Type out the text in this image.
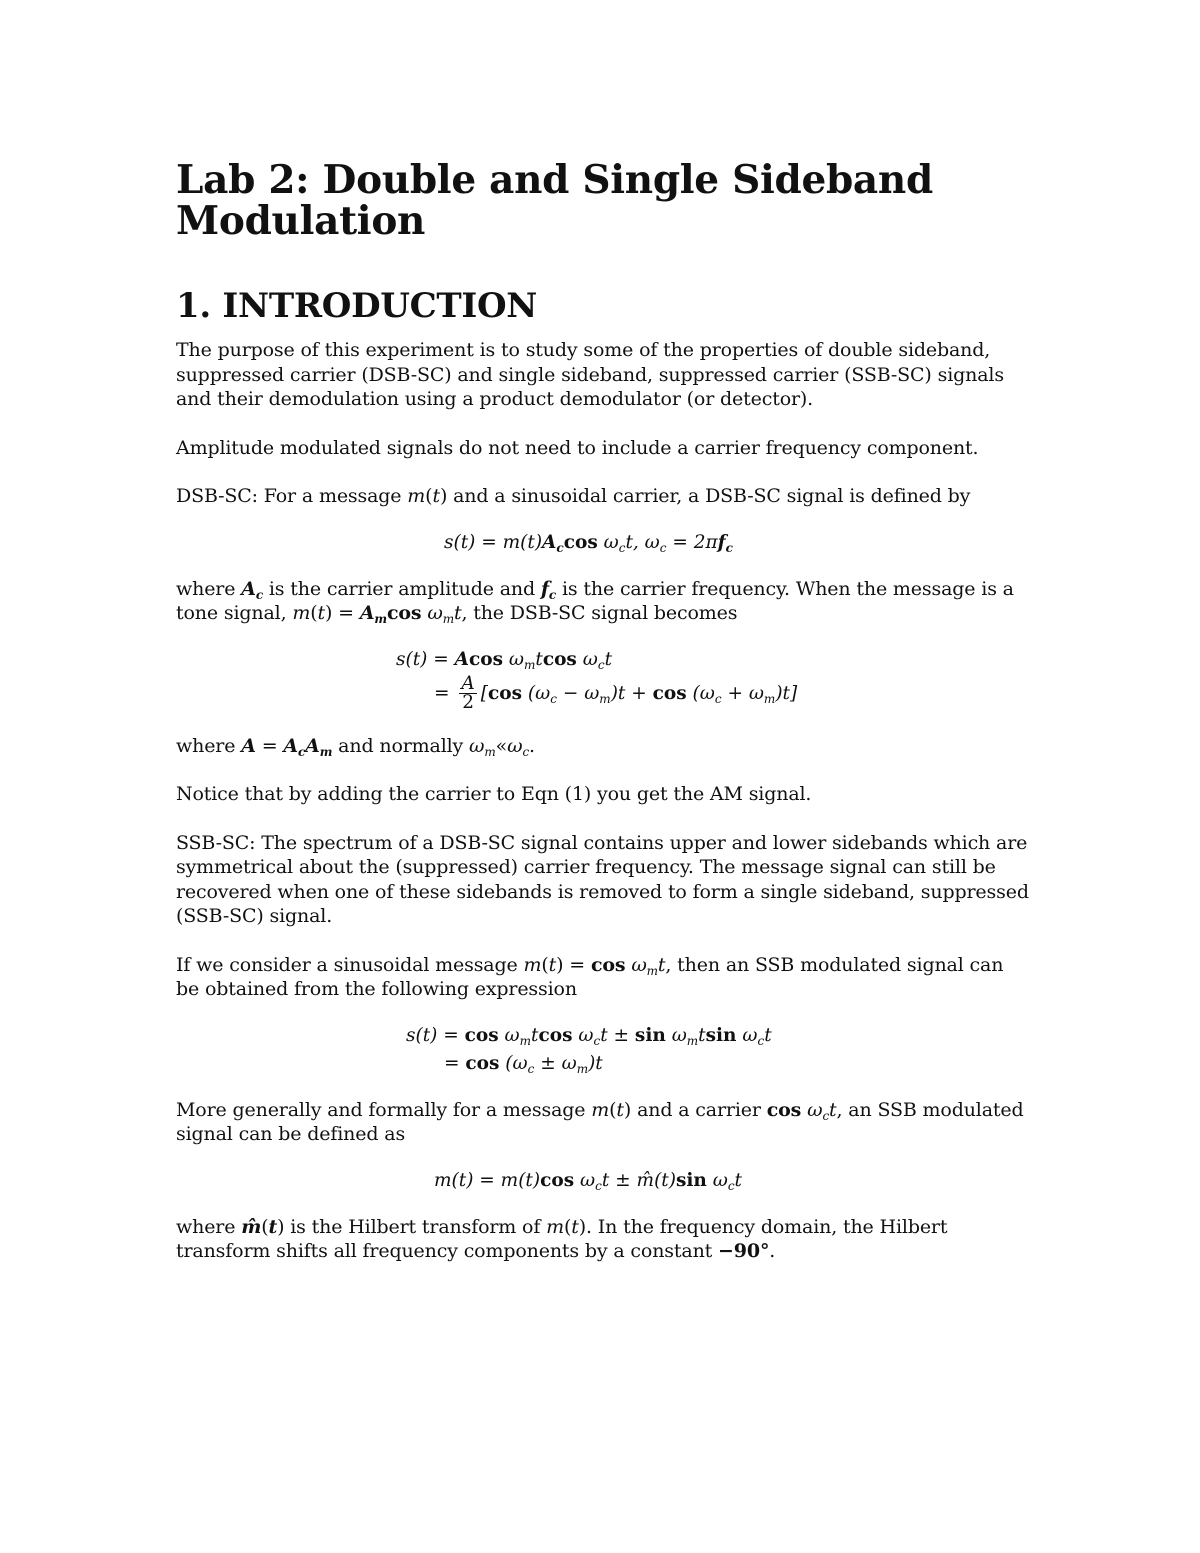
Lab 2: Double and Single Sideband Modulation
1. INTRODUCTION

The purpose of this experiment is to study some of the properties of double sideband,

suppressed carrier (DSB-SC) and single sideband, suppressed carrier (SSB-SC) signals

and their demodulation using a product demodulator (or detector).

Amplitude modulated signals do not need to include a carrier frequency component.

DSB-SC: For a message m(t) and a sinusoidal carrier, a DSB-SC signal is defined by

$s(t) = m(t)A_c\cos$ $\omega_ct$, $\omega_c = 2\pi f_c$

where $A_c$ is the carrier amplitude and $f_c$ is the carrier frequency. When the message is a

tone signal, $m(t) = A_m\cos$ $\omega_mt$, the DSB-SC signal becomes

s(t) = Acos $\omega_mtcos$ $\omega_ct$
= $\frac{A}{2} [\cos$ $(\omega_c - \omega_m)t + \cos (\omega_c + \omega_m)t$]

where $A = A_cA_m$ and normally $\omega_m«\omega_c$.

Notice that by adding the carrier to Eqn (1) you get the AM signal.

SSB-SC: The spectrum of a DSB-SC signal contains upper and lower sidebands which are

symmetrical about the (suppressed) carrier frequency. The message signal can still be

recovered when one of these sidebands is removed to form a single sideband, suppressed

(SSB-SC) signal.

If we consider a sinusoidal message $m(t) = \cos \omega_mt$, then an SSB modulated signal can

be obtained from the following expression

$s(t) = \cos \omega_mtcos$ $\omega_ct \pm \sin \omega_mtsin$ $\omega_ct$
= $\cos (\omega_c \pm \omega_m)t$

More generally and formally for a message m(t) and a carrier $\cos \omega_ct$, an SSB modulated

signal can be defined as

m(t) = m(t)cos $\omega_ct$ ± m̂(t)sin $\omega_ct$

where m̂(t) is the Hilbert transform of m(t). In the frequency domain, the Hilbert

transform shifts all frequency components by a constant −90°.
